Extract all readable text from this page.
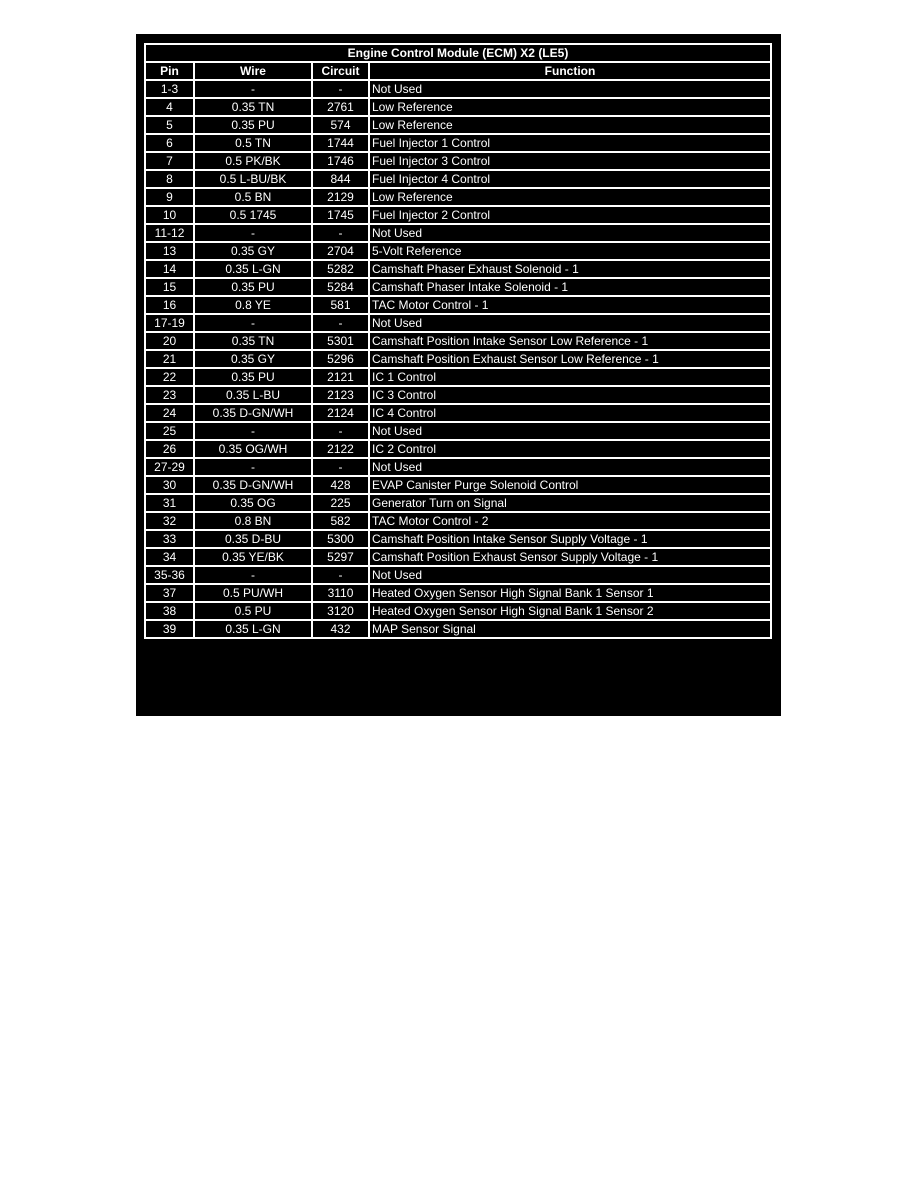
Engine Control Module (ECM) X2 (LE5)			
Pin	Wire	Circuit	Function
1-3	-	-	Not Used
4	0.35 TN	2761	Low Reference
5	0.35 PU	574	Low Reference
6	0.5 TN	1744	Fuel Injector 1 Control
7	0.5 PK/BK	1746	Fuel Injector 3 Control
8	0.5 L-BU/BK	844	Fuel Injector 4 Control
9	0.5 BN	2129	Low Reference
10	0.5 1745	1745	Fuel Injector 2 Control
11-12	-	-	Not Used
13	0.35 GY	2704	5-Volt Reference
14	0.35 L-GN	5282	Camshaft Phaser Exhaust Solenoid - 1
15	0.35 PU	5284	Camshaft Phaser Intake Solenoid - 1
16	0.8 YE	581	TAC Motor Control - 1
17-19	-	-	Not Used
20	0.35 TN	5301	Camshaft Position Intake Sensor Low Reference - 1
21	0.35 GY	5296	Camshaft Position Exhaust Sensor Low Reference - 1
22	0.35 PU	2121	IC 1 Control
23	0.35 L-BU	2123	IC 3 Control
24	0.35 D-GN/WH	2124	IC 4 Control
25	-	-	Not Used
26	0.35 OG/WH	2122	IC 2 Control
27-29	-	-	Not Used
30	0.35 D-GN/WH	428	EVAP Canister Purge Solenoid Control
31	0.35 OG	225	Generator Turn on Signal
32	0.8 BN	582	TAC Motor Control - 2
33	0.35 D-BU	5300	Camshaft Position Intake Sensor Supply Voltage - 1
34	0.35 YE/BK	5297	Camshaft Position Exhaust Sensor Supply Voltage - 1
35-36	-	-	Not Used
37	0.5 PU/WH	3110	Heated Oxygen Sensor High Signal Bank 1 Sensor 1
38	0.5 PU	3120	Heated Oxygen Sensor High Signal Bank 1 Sensor 2
39	0.35 L-GN	432	MAP Sensor Signal
